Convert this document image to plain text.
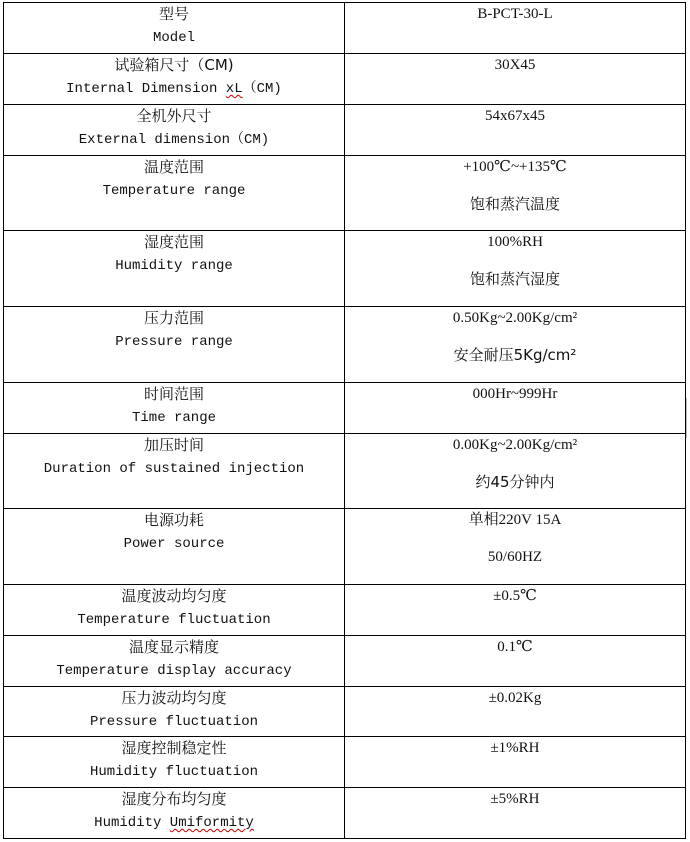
型号
Model	B-PCT-30-L

试验箱尺寸（CM)
Internal Dimension xL（CM)	30X45

全机外尺寸
External dimension（CM)	54x67x45

温度范围
Temperature range	+100℃~+135℃
饱和蒸汽温度

湿度范围
Humidity range	100%RH
饱和蒸汽湿度

压力范围
Pressure range	0.50Kg~2.00Kg/cm²
安全耐压5Kg/cm²

时间范围
Time range	000Hr~999Hr

加压时间
Duration of sustained injection	0.00Kg~2.00Kg/cm²
约45分钟内

电源功耗
Power source	单相220V 15A
50/60HZ

温度波动均匀度
Temperature fluctuation	±0.5℃

温度显示精度
Temperature display accuracy	0.1℃

压力波动均匀度
Pressure fluctuation	±0.02Kg

湿度控制稳定性
Humidity fluctuation	±1%RH

湿度分布均匀度
Humidity Umiformity	±5%RH
